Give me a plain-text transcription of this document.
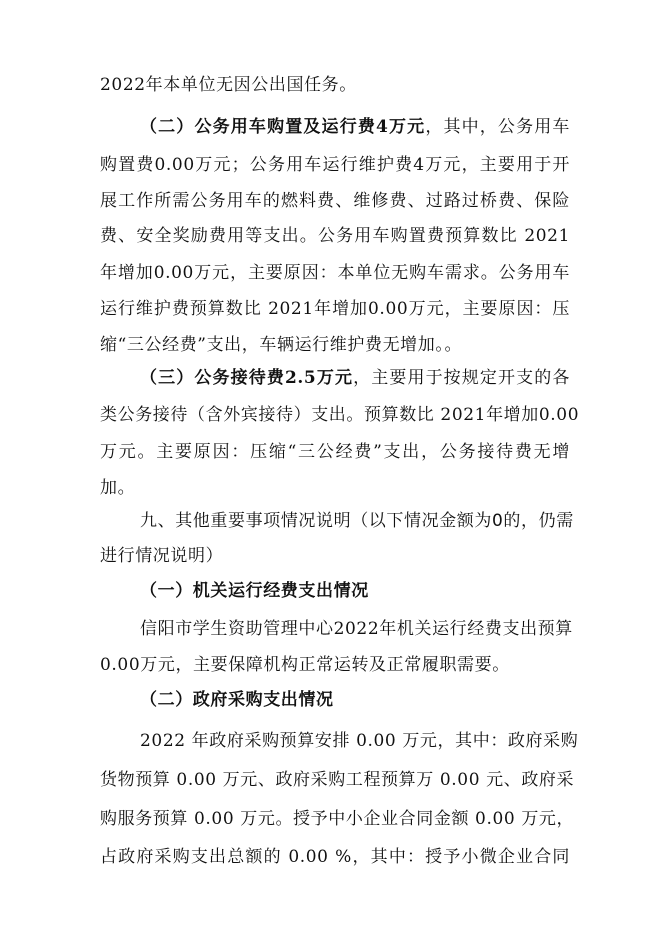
2022年本单位无因公出国任务。
（二）公务用车购置及运行费4万元，其中，公务用车
购置费0.00万元；公务用车运行维护费4万元，主要用于开
展工作所需公务用车的燃料费、维修费、过路过桥费、保险
费、安全奖励费用等支出。公务用车购置费预算数比 2021
年增加0.00万元，主要原因：本单位无购车需求。公务用车
运行维护费预算数比 2021年增加0.00万元，主要原因：压
缩“三公经费”支出，车辆运行维护费无增加。。
（三）公务接待费2.5万元，主要用于按规定开支的各
类公务接待（含外宾接待）支出。预算数比 2021年增加0.00
万元。主要原因：压缩“三公经费”支出，公务接待费无增
加。
九、其他重要事项情况说明（以下情况金额为0的，仍需
进行情况说明）
（一）机关运行经费支出情况
信阳市学生资助管理中心2022年机关运行经费支出预算
0.00万元，主要保障机构正常运转及正常履职需要。
（二）政府采购支出情况
2022 年政府采购预算安排 0.00 万元，其中：政府采购
货物预算 0.00 万元、政府采购工程预算万 0.00 元、政府采
购服务预算 0.00 万元。授予中小企业合同金额 0.00 万元，
占政府采购支出总额的 0.00 %，其中：授予小微企业合同
